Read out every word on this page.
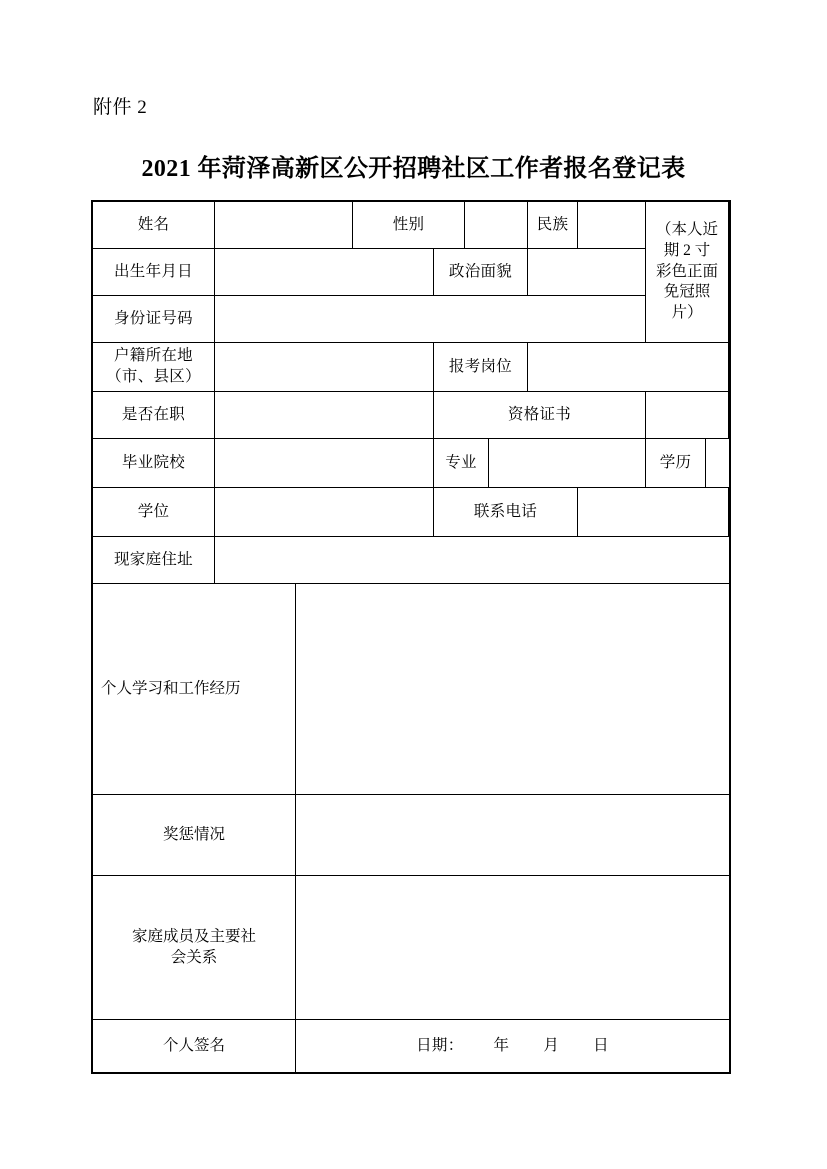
附件 2
2021 年菏泽高新区公开招聘社区工作者报名登记表
姓名			性别				民族		（本人近期 2 寸
彩色正面免冠照
片）	

出生年月日				政治面貌						
身份证号码										

户籍所在地
（市、县区）				报考岗位						
是否在职				资格证书						
毕业院校				专业					学历	
学位				联系电话						
现家庭住址										
个人学习和工作经历										
奖惩情况										

家庭成员及主要社
会关系										

个人签名		日期： 年 月 日								
